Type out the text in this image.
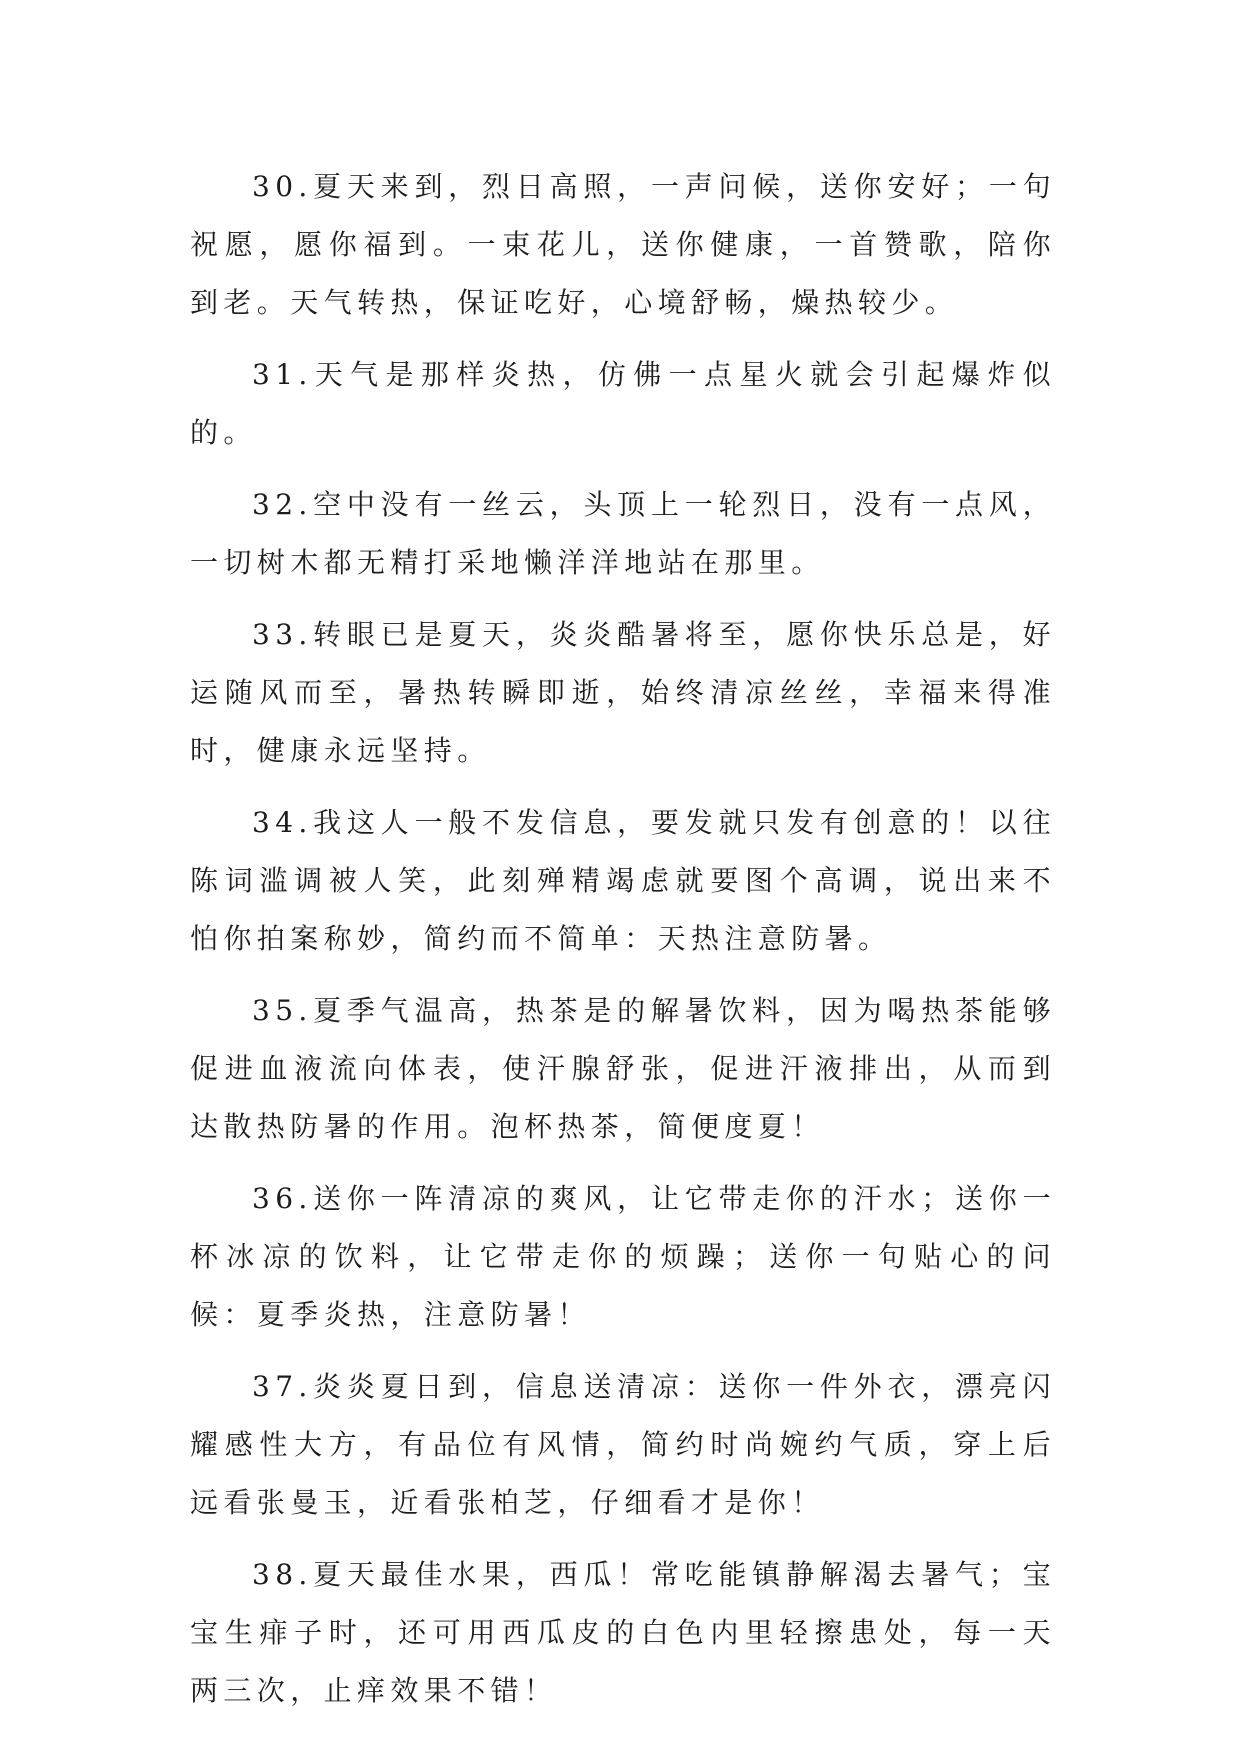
30.夏天来到，烈日高照，一声问候，送你安好；一句祝愿，愿你福到。一束花儿，送你健康，一首赞歌，陪你到老。天气转热，保证吃好，心境舒畅，燥热较少。

31.天气是那样炎热，仿佛一点星火就会引起爆炸似的。

32.空中没有一丝云，头顶上一轮烈日，没有一点风，一切树木都无精打采地懒洋洋地站在那里。

33.转眼已是夏天，炎炎酷暑将至，愿你快乐总是，好运随风而至，暑热转瞬即逝，始终清凉丝丝，幸福来得准时，健康永远坚持。

34.我这人一般不发信息，要发就只发有创意的！以往陈词滥调被人笑，此刻殚精竭虑就要图个高调，说出来不怕你拍案称妙，简约而不简单：天热注意防暑。

35.夏季气温高，热茶是的解暑饮料，因为喝热茶能够促进血液流向体表，使汗腺舒张，促进汗液排出，从而到达散热防暑的作用。泡杯热茶，简便度夏！

36.送你一阵清凉的爽风，让它带走你的汗水；送你一杯冰凉的饮料，让它带走你的烦躁；送你一句贴心的问候：夏季炎热，注意防暑！

37.炎炎夏日到，信息送清凉：送你一件外衣，漂亮闪耀感性大方，有品位有风情，简约时尚婉约气质，穿上后远看张曼玉，近看张柏芝，仔细看才是你！

38.夏天最佳水果，西瓜！常吃能镇静解渴去暑气；宝宝生痱子时，还可用西瓜皮的白色内里轻擦患处，每一天两三次，止痒效果不错！
